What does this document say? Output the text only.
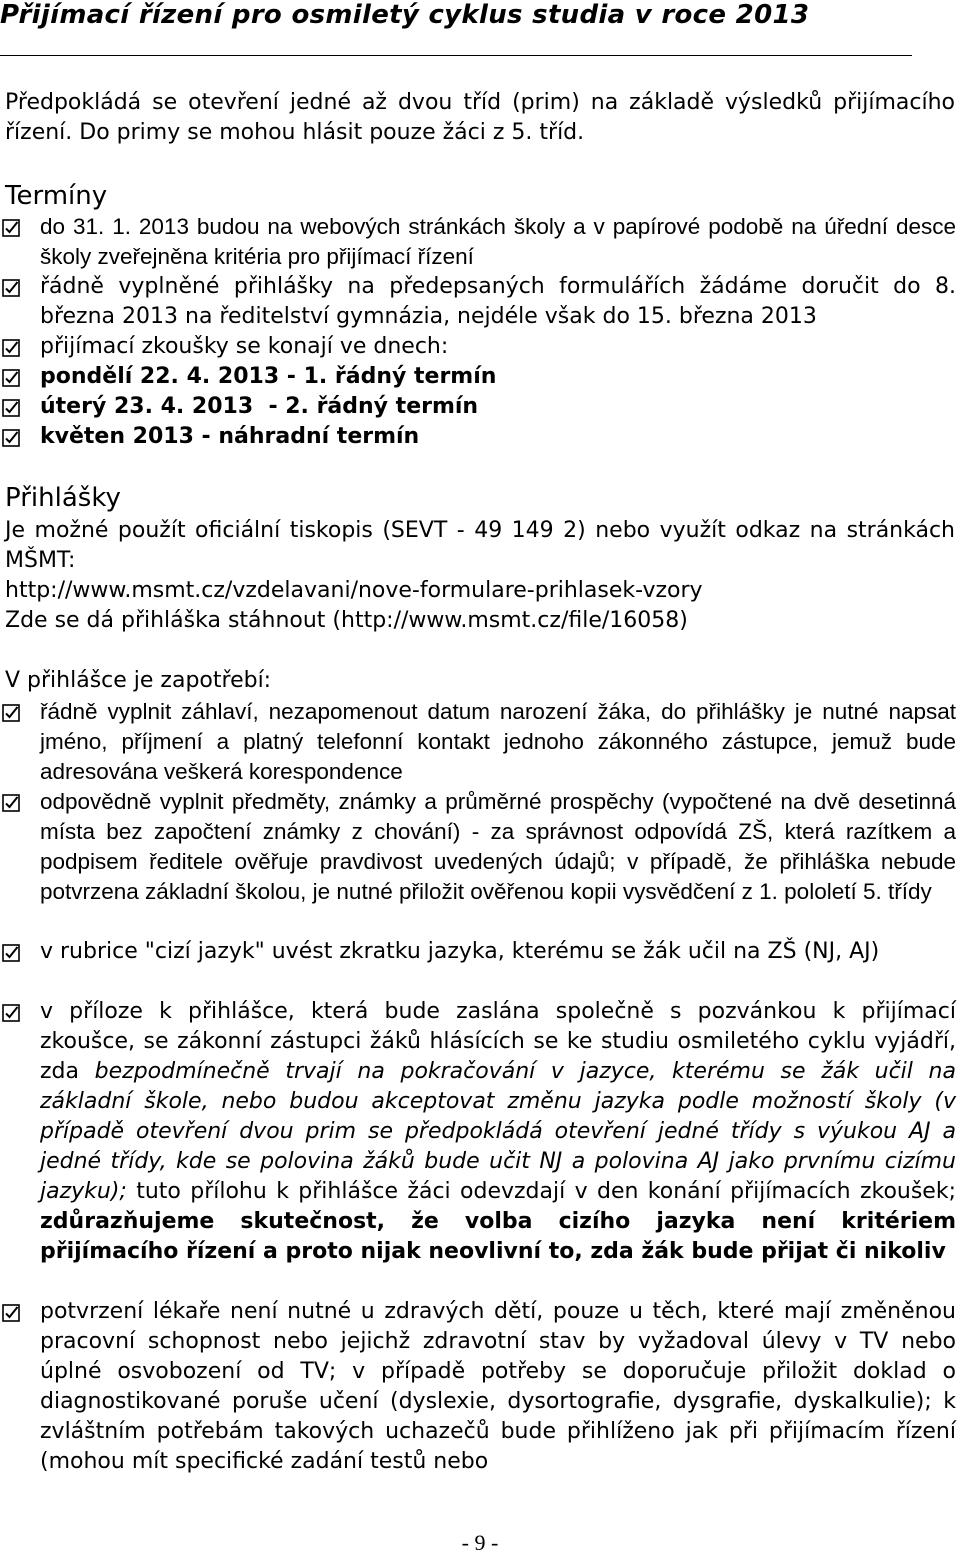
Přijímací řízení pro osmiletý cyklus studia v roce 2013
Předpokládá se otevření jedné až dvou tříd (prim) na základě výsledků přijímacího řízení. Do primy se mohou hlásit pouze žáci z 5. tříd.
Termíny
do 31. 1. 2013 budou na webových stránkách školy a v papírové podobě na úřední desce školy zveřejněna kritéria pro přijímací řízení
řádně vyplněné přihlášky na předepsaných formulářích žádáme doručit do 8. března 2013 na ředitelství gymnázia, nejdéle však do 15. března 2013
přijímací zkoušky se konají ve dnech:
pondělí 22. 4. 2013 - 1. řádný termín
úterý 23. 4. 2013  - 2. řádný termín
květen 2013 - náhradní termín
Přihlášky
Je možné použít oficiální tiskopis (SEVT - 49 149 2) nebo využít odkaz na stránkách MŠMT:
http://www.msmt.cz/vzdelavani/nove-formulare-prihlasek-vzory
Zde se dá přihláška stáhnout (http://www.msmt.cz/file/16058)
V přihlášce je zapotřebí:
řádně vyplnit záhlaví, nezapomenout datum narození žáka, do přihlášky je nutné napsat jméno, příjmení a platný telefonní kontakt jednoho zákonného zástupce, jemuž bude adresována veškerá korespondence
odpovědně vyplnit předměty, známky a průměrné prospěchy (vypočtené na dvě desetinná místa bez započtení známky z chování) - za správnost odpovídá ZŠ, která razítkem a podpisem ředitele ověřuje pravdivost uvedených údajů; v případě, že přihláška nebude potvrzena základní školou, je nutné přiložit ověřenou kopii vysvědčení z 1. pololetí 5. třídy
v rubrice "cizí jazyk" uvést zkratku jazyka, kterému se žák učil na ZŠ (NJ, AJ)
v příloze k přihlášce, která bude zaslána společně s pozvánkou k přijímací zkoušce, se zákonní zástupci žáků hlásících se ke studiu osmiletého cyklu vyjádří, zda bezpodmínečně trvají na pokračování v jazyce, kterému se žák učil na základní škole, nebo budou akceptovat změnu jazyka podle možností školy (v případě otevření dvou prim se předpokládá otevření jedné třídy s výukou AJ a jedné třídy, kde se polovina žáků bude učit NJ a polovina AJ jako prvnímu cizímu jazyku); tuto přílohu k přihlášce žáci odevzdají v den konání přijímacích zkoušek; zdůrazňujeme skutečnost, že volba cizího jazyka není kritériem přijímacího řízení a proto nijak neovlivní to, zda žák bude přijat či nikoliv
potvrzení lékaře není nutné u zdravých dětí, pouze u těch, které mají změněnou pracovní schopnost nebo jejichž zdravotní stav by vyžadoval úlevy v TV nebo úplné osvobození od TV; v případě potřeby se doporučuje přiložit doklad o diagnostikované poruše učení (dyslexie, dysortografie, dysgrafie, dyskalkulie); k zvláštním potřebám takových uchazečů bude přihlíženo jak při přijímacím řízení (mohou mít specifické zadání testů nebo
- 9 -
